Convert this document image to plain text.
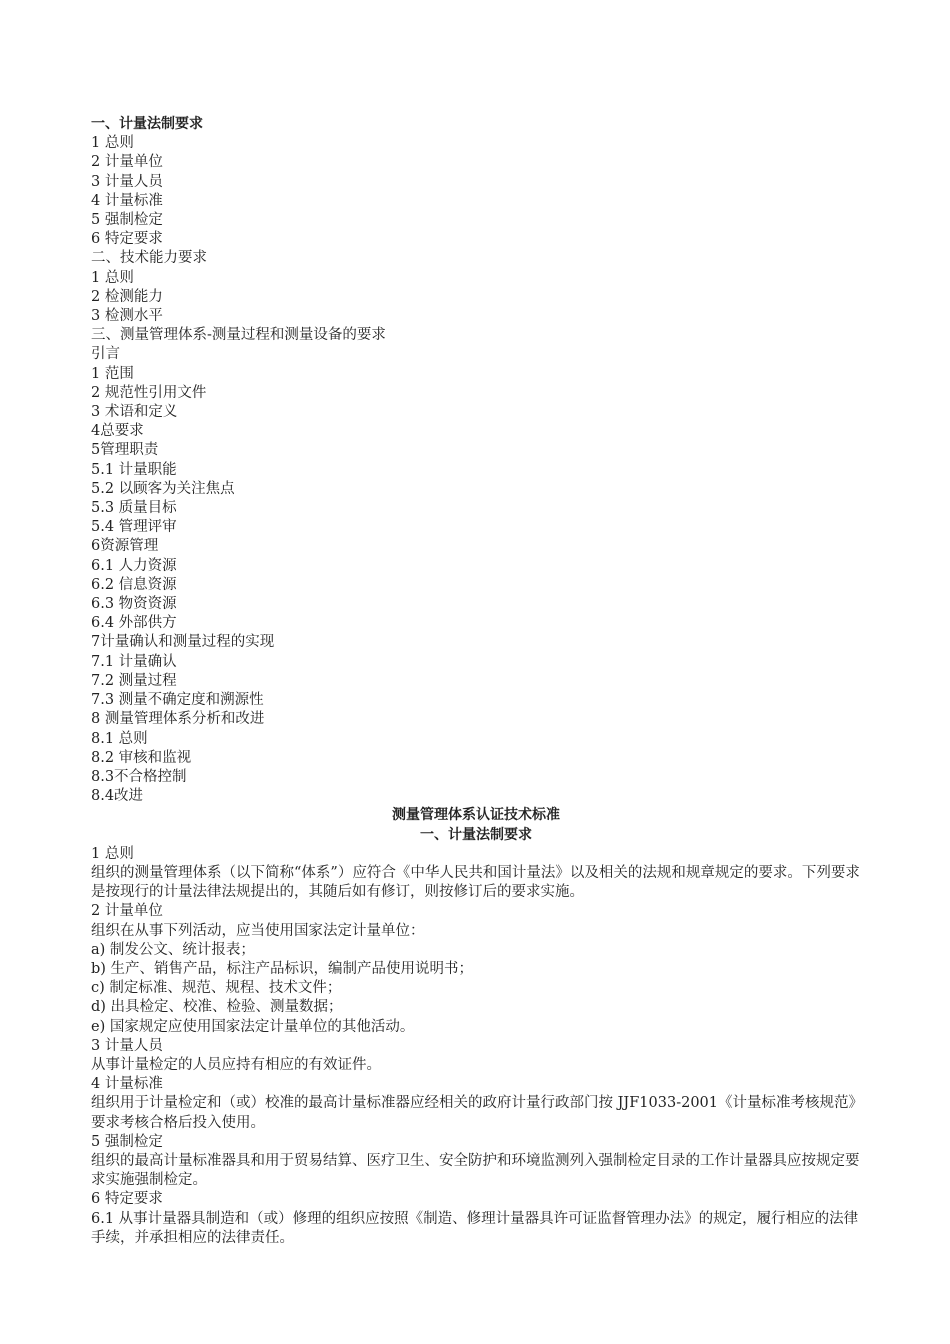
一、计量法制要求
1 总则
2 计量单位
3 计量人员
4 计量标准
5 强制检定
6 特定要求
二、技术能力要求
1 总则
2 检测能力
3 检测水平
三、测量管理体系-测量过程和测量设备的要求
引言
1 范围
2 规范性引用文件
3 术语和定义
4总要求
5管理职责
5.1 计量职能
5.2 以顾客为关注焦点
5.3 质量目标
5.4 管理评审
6资源管理
6.1 人力资源
6.2 信息资源
6.3 物资资源
6.4 外部供方
7计量确认和测量过程的实现
7.1 计量确认
7.2 测量过程
7.3 测量不确定度和溯源性
8 测量管理体系分析和改进
8.1 总则
8.2 审核和监视
8.3不合格控制
8.4改进
测量管理体系认证技术标准
一、计量法制要求
1 总则
组织的测量管理体系（以下简称“体系”）应符合《中华人民共和国计量法》以及相关的法规和规章规定的要求。下列要求是按现行的计量法律法规提出的，其随后如有修订，则按修订后的要求实施。
2 计量单位
组织在从事下列活动，应当使用国家法定计量单位：
a) 制发公文、统计报表；
b) 生产、销售产品，标注产品标识，编制产品使用说明书；
c) 制定标准、规范、规程、技术文件；
d) 出具检定、校准、检验、测量数据；
e) 国家规定应使用国家法定计量单位的其他活动。
3 计量人员
从事计量检定的人员应持有相应的有效证件。
4 计量标准
组织用于计量检定和（或）校准的最高计量标准器应经相关的政府计量行政部门按 JJF1033-2001《计量标准考核规范》要求考核合格后投入使用。
5 强制检定
组织的最高计量标准器具和用于贸易结算、医疗卫生、安全防护和环境监测列入强制检定目录的工作计量器具应按规定要求实施强制检定。
6 特定要求
6.1 从事计量器具制造和（或）修理的组织应按照《制造、修理计量器具许可证监督管理办法》的规定，履行相应的法律手续，并承担相应的法律责任。
